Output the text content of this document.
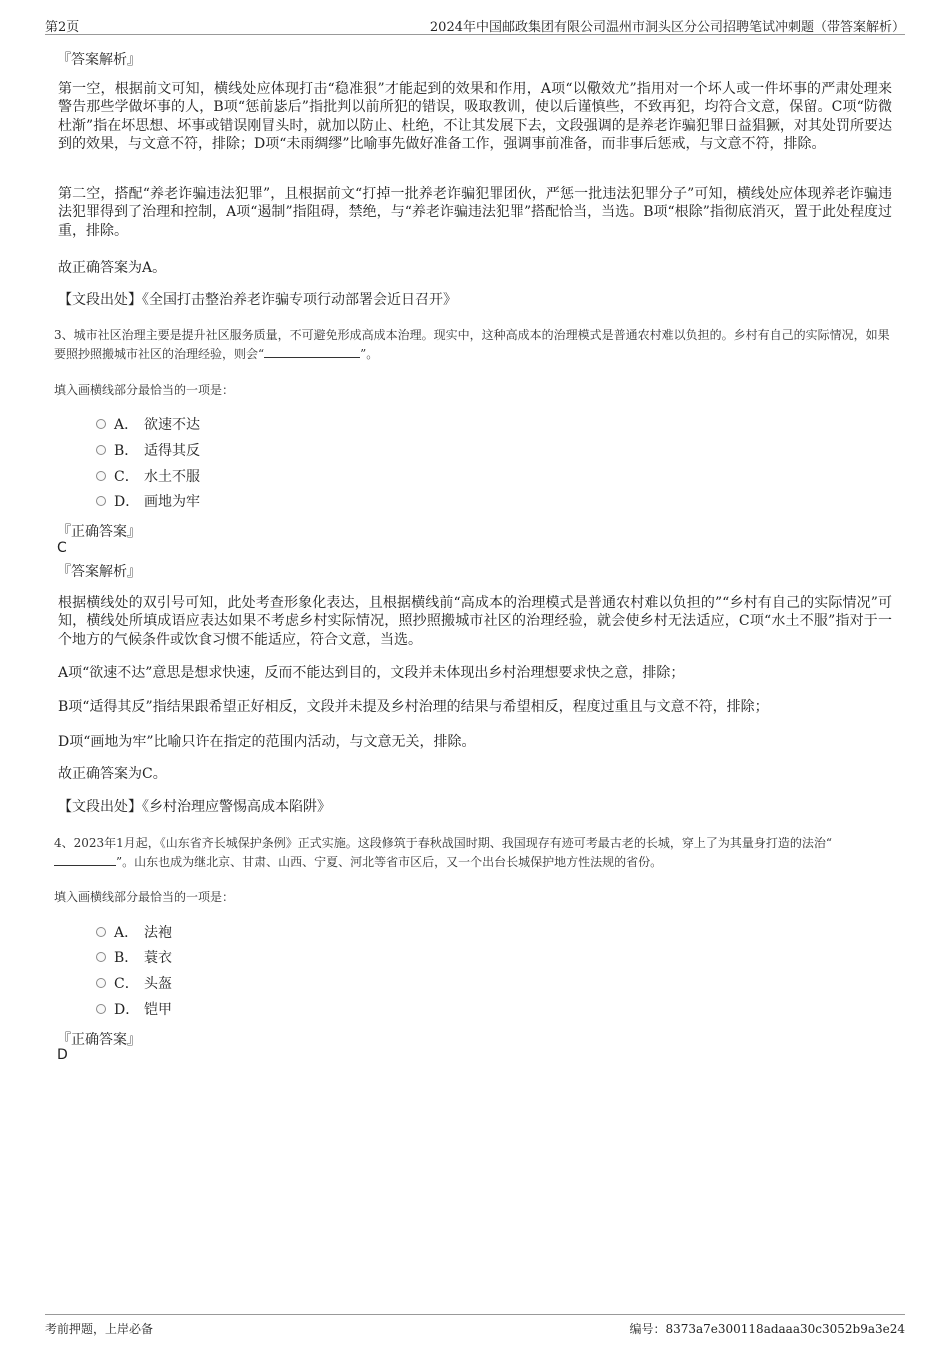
第2页	2024年中国邮政集团有限公司温州市洞头区分公司招聘笔试冲刺题（带答案解析）
『答案解析』

第一空，根据前文可知，横线处应体现打击“稳准狠”才能起到的效果和作用，A项“以儆效尤”指用对一个坏人或一件坏事的严肃处理来警告那些学做坏事的人，B项“惩前毖后”指批判以前所犯的错误，吸取教训，使以后谨慎些，不致再犯，均符合文意，保留。C项“防微杜渐”指在坏思想、坏事或错误刚冒头时，就加以防止、杜绝，不让其发展下去，文段强调的是养老诈骗犯罪日益猖獗，对其处罚所要达到的效果，与文意不符，排除；D项“未雨绸缪”比喻事先做好准备工作，强调事前准备，而非事后惩戒，与文意不符，排除。

第二空，搭配“养老诈骗违法犯罪”，且根据前文“打掉一批养老诈骗犯罪团伙，严惩一批违法犯罪分子”可知，横线处应体现养老诈骗违法犯罪得到了治理和控制，A项“遏制”指阻碍，禁绝，与“养老诈骗违法犯罪”搭配恰当，当选。B项“根除”指彻底消灭，置于此处程度过重，排除。

故正确答案为A。

【文段出处】《全国打击整治养老诈骗专项行动部署会近日召开》

3、城市社区治理主要是提升社区服务质量，不可避免形成高成本治理。现实中，这种高成本的治理模式是普通农村难以负担的。乡村有自己的实际情况，如果要照抄照搬城市社区的治理经验，则会“	”。

填入画横线部分最恰当的一项是：
A． 欲速不达
B． 适得其反
C． 水土不服
D． 画地为牢
『正确答案』
C
『答案解析』

根据横线处的双引号可知，此处考查形象化表达，且根据横线前“高成本的治理模式是普通农村难以负担的”“乡村有自己的实际情况”可知，横线处所填成语应表达如果不考虑乡村实际情况，照抄照搬城市社区的治理经验，就会使乡村无法适应，C项“水土不服”指对于一个地方的气候条件或饮食习惯不能适应，符合文意，当选。

A项“欲速不达”意思是想求快速，反而不能达到目的，文段并未体现出乡村治理想要求快之意，排除；

B项“适得其反”指结果跟希望正好相反，文段并未提及乡村治理的结果与希望相反，程度过重且与文意不符，排除；

D项“画地为牢”比喻只许在指定的范围内活动，与文意无关，排除。

故正确答案为C。

【文段出处】《乡村治理应警惕高成本陷阱》

4、2023年1月起，《山东省齐长城保护条例》正式实施。这段修筑于春秋战国时期、我国现存有迹可考最古老的长城，穿上了为其量身打造的法治“”。山东也成为继北京、甘肃、山西、宁夏、河北等省市区后，又一个出台长城保护地方性法规的省份。

填入画横线部分最恰当的一项是：
A． 法袍
B． 蓑衣
C． 头盔
D． 铠甲
『正确答案』
D
考前押题，上岸必备	编号：8373a7e300118adaaa30c3052b9a3e24
